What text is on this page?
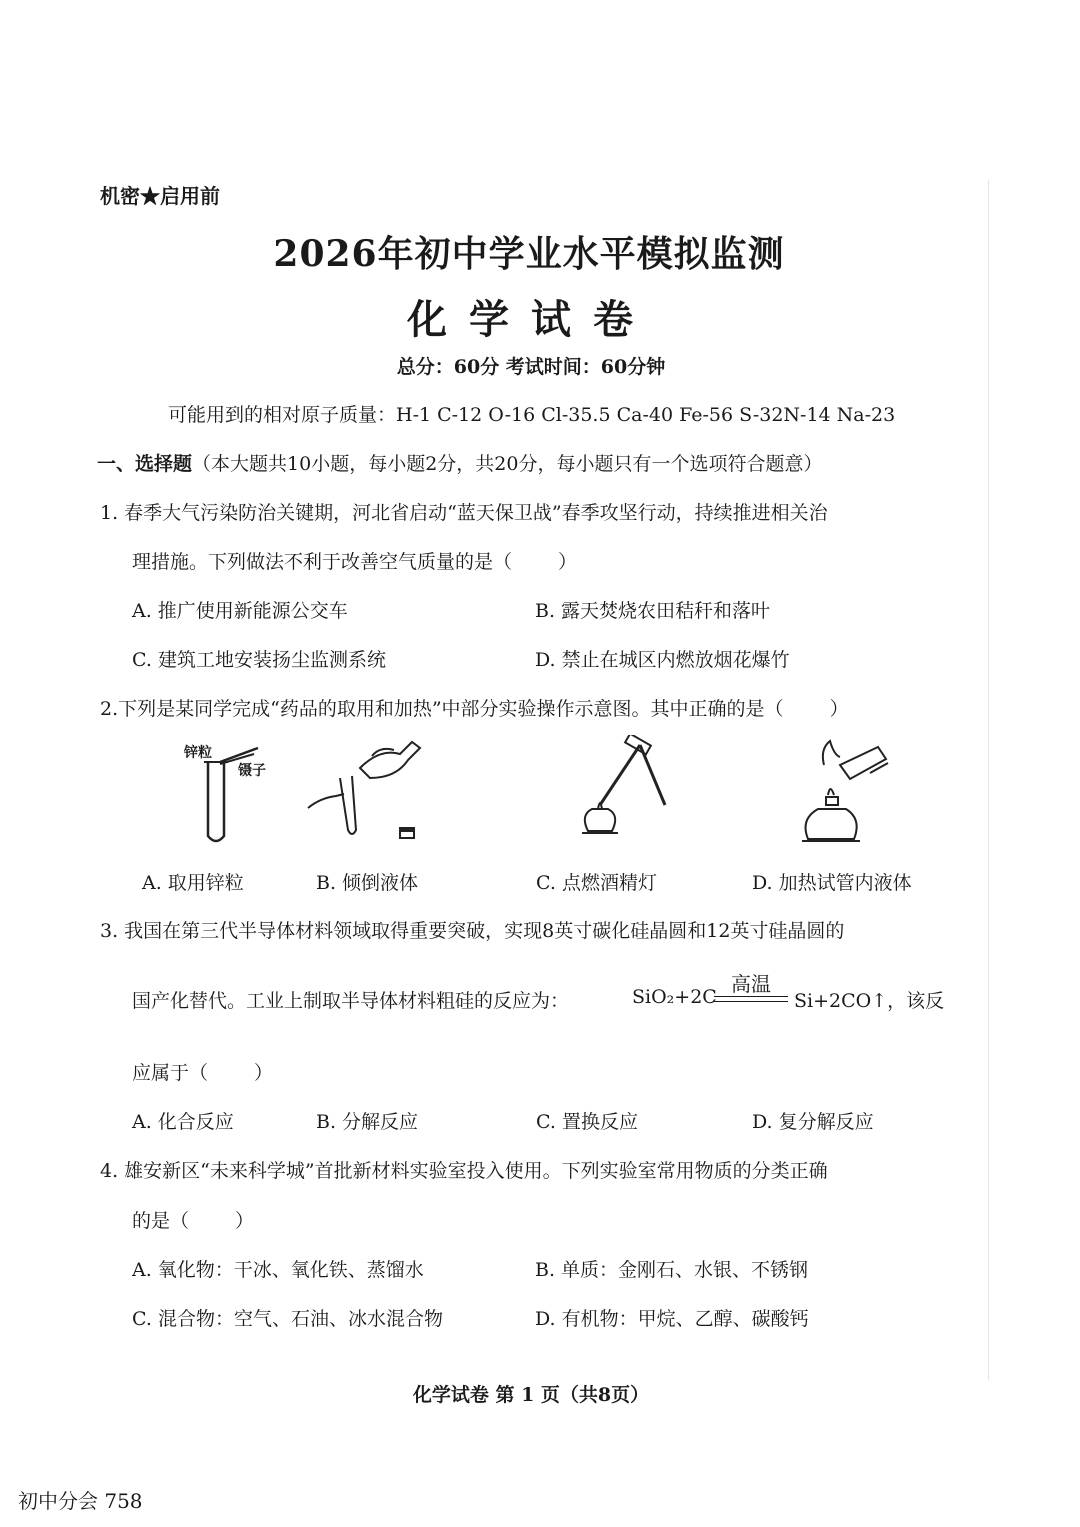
机密★启用前
2026年初中学业水平模拟监测
化学试卷
总分：60分 考试时间：60分钟
可能用到的相对原子质量：H-1 C-12 O-16 Cl-35.5 Ca-40 Fe-56 S-32N-14 Na-23
一、选择题（本大题共10小题，每小题2分，共20分，每小题只有一个选项符合题意）
1. 春季大气污染防治关键期，河北省启动“蓝天保卫战”春季攻坚行动，持续推进相关治
理措施。下列做法不利于改善空气质量的是（ ）
A. 推广使用新能源公交车	B. 露天焚烧农田秸秆和落叶
C. 建筑工地安装扬尘监测系统	D. 禁止在城区内燃放烟花爆竹
2.下列是某同学完成“药品的取用和加热”中部分实验操作示意图。其中正确的是（ ）
锌粒
镊子
A. 取用锌粒	B. 倾倒液体	C. 点燃酒精灯	D. 加热试管内液体
3. 我国在第三代半导体材料领域取得重要突破，实现8英寸碳化硅晶圆和12英寸硅晶圆的
国产化替代。工业上制取半导体材料粗硅的反应为：	SiO₂+2C
高温
Si+2CO↑，该反
应属于（ ）
A. 化合反应	B. 分解反应	C. 置换反应	D. 复分解反应
4. 雄安新区“未来科学城”首批新材料实验室投入使用。下列实验室常用物质的分类正确
的是（ ）
A. 氧化物：干冰、氧化铁、蒸馏水	B. 单质：金刚石、水银、不锈钢
C. 混合物：空气、石油、冰水混合物	D. 有机物：甲烷、乙醇、碳酸钙
化学试卷 第 1 页（共8页）
初中分会 758
